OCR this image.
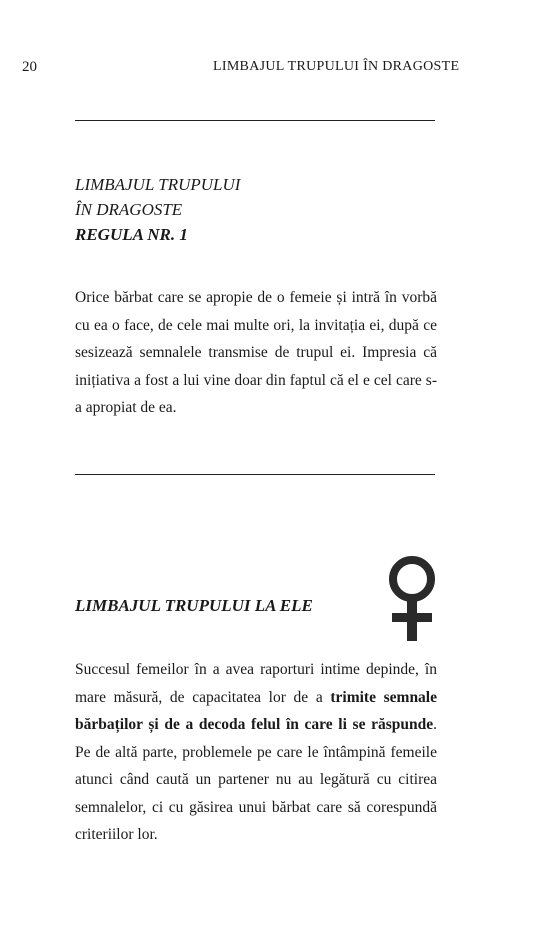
20	LIMBAJUL TRUPULUI ÎN DRAGOSTE
LIMBAJUL TRUPULUI
ÎN DRAGOSTE
REGULA NR. 1
Orice bărbat care se apropie de o femeie și intră în vorbă cu ea o face, de cele mai multe ori, la invitația ei, după ce sesizează semnalele transmise de trupul ei. Impresia că inițiativa a fost a lui vine doar din faptul că el e cel care s-a apropiat de ea.
LIMBAJUL TRUPULUI LA ELE
Succesul femeilor în a avea raporturi intime depinde, în mare măsură, de capacitatea lor de a trimite semnale bărbaților și de a decoda felul în care li se răspunde. Pe de altă parte, problemele pe care le întâmpină femeile atunci când caută un partener nu au legătură cu citirea semnalelor, ci cu găsirea unui bărbat care să corespundă criteriilor lor.
